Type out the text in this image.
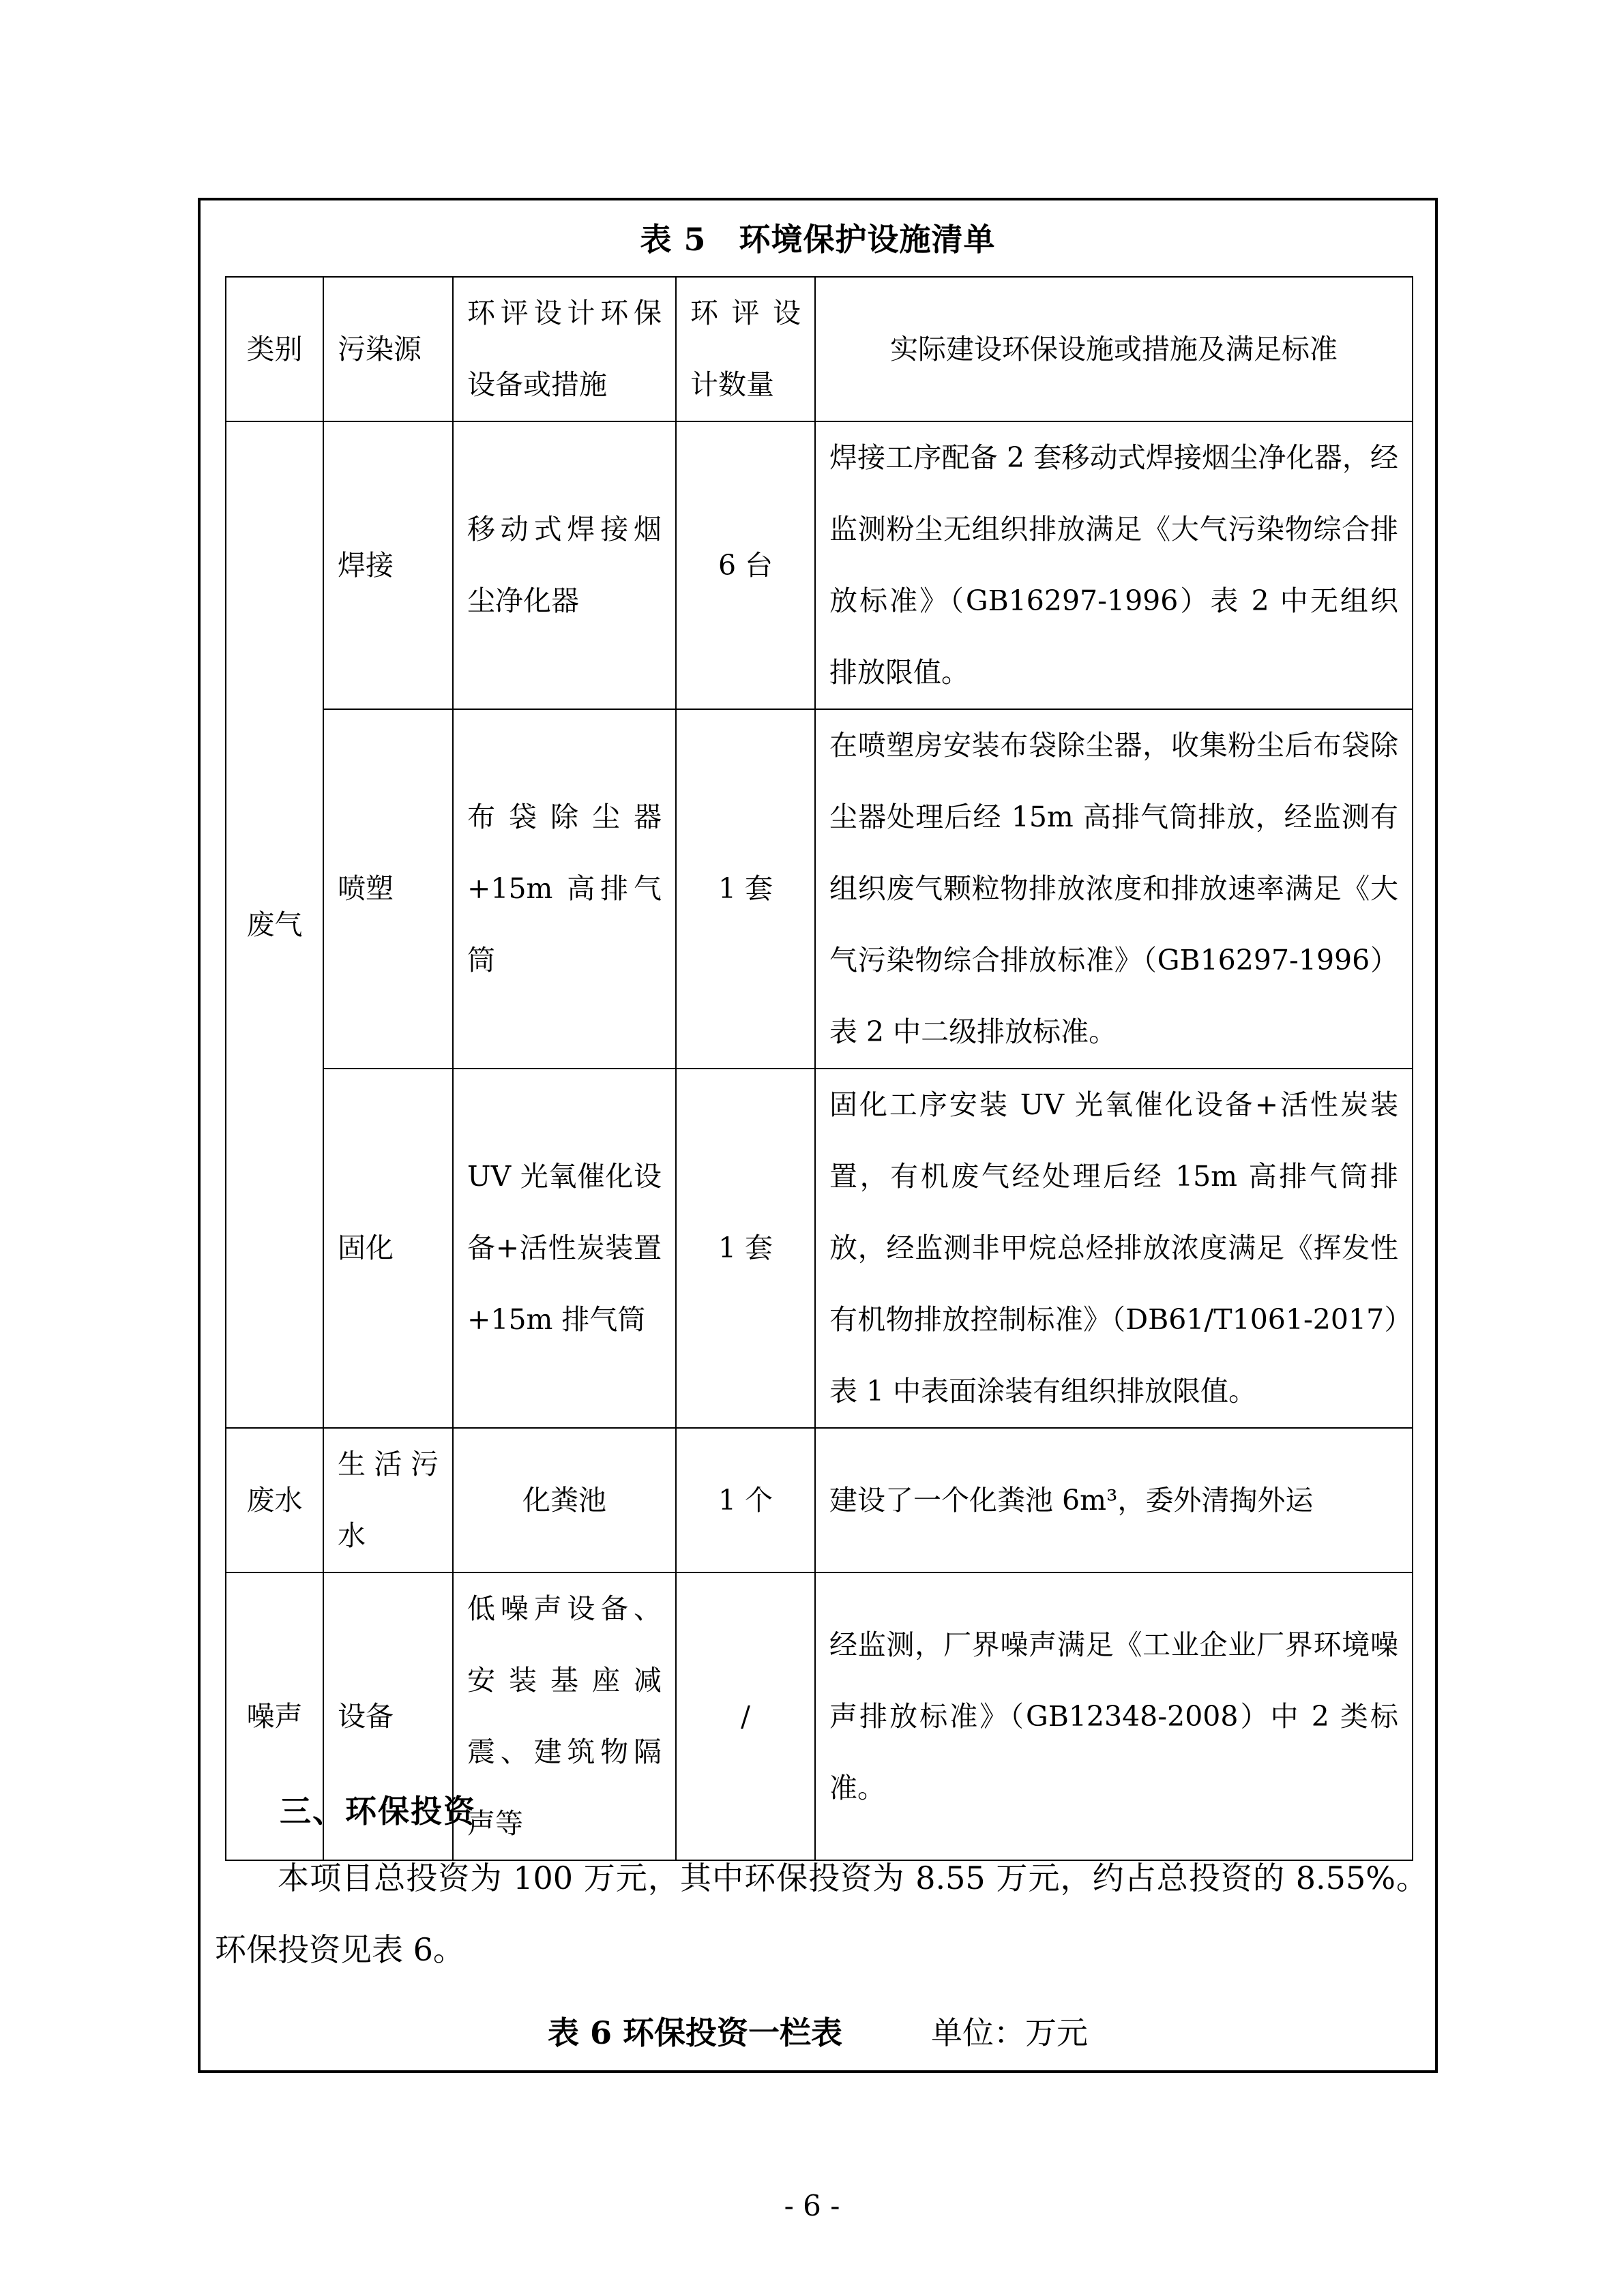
表 5 环境保护设施清单
类别	污染源	环评设计环保设备或措施	环评设计数量	实际建设环保设施或措施及满足标准
废气	焊接	移动式焊接烟尘净化器	6 台	焊接工序配备 2 套移动式焊接烟尘净化器，经监测粉尘无组织排放满足《大气污染物综合排放标准》（GB16297-1996）表 2 中无组织排放限值。
	喷塑	布袋除尘器+15m 高排气筒	1 套	在喷塑房安装布袋除尘器，收集粉尘后布袋除尘器处理后经 15m 高排气筒排放，经监测有组织废气颗粒物排放浓度和排放速率满足《大气污染物综合排放标准》（GB16297-1996）表 2 中二级排放标准。
	固化	UV 光氧催化设备+活性炭装置+15m 排气筒	1 套	固化工序安装 UV 光氧催化设备+活性炭装置，有机废气经处理后经 15m 高排气筒排放，经监测非甲烷总烃排放浓度满足《挥发性有机物排放控制标准》（DB61/T1061-2017）表 1 中表面涂装有组织排放限值。
废水	生活污水	化粪池	1 个	建设了一个化粪池 6m³，委外清掏外运
噪声	设备	低噪声设备、安装基座减震、建筑物隔声等	/	经监测，厂界噪声满足《工业企业厂界环境噪声排放标准》（GB12348-2008）中 2 类标准。
三、环保投资
本项目总投资为 100 万元，其中环保投资为 8.55 万元，约占总投资的 8.55%。环保投资见表 6。
表 6 环保投资一栏表	单位：万元
- 6 -
